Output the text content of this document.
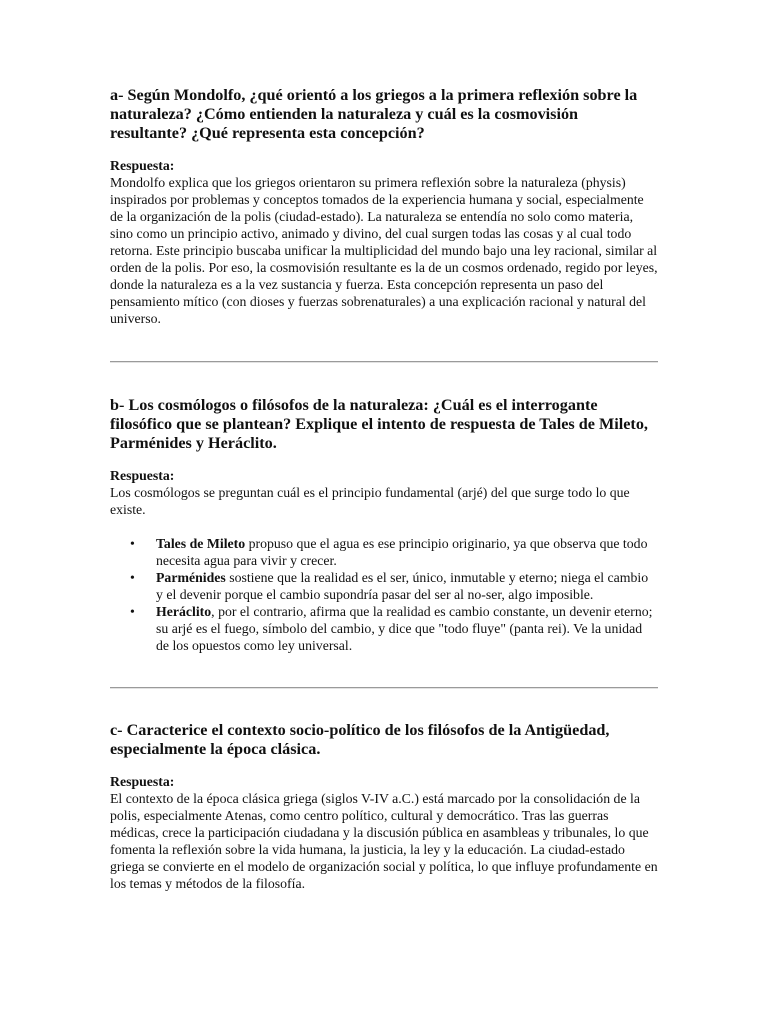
a- Según Mondolfo, ¿qué orientó a los griegos a la primera reflexión sobre la naturaleza? ¿Cómo entienden la naturaleza y cuál es la cosmovisión resultante? ¿Qué representa esta concepción?

Respuesta:

Mondolfo explica que los griegos orientaron su primera reflexión sobre la naturaleza (physis) inspirados por problemas y conceptos tomados de la experiencia humana y social, especialmente de la organización de la polis (ciudad-estado). La naturaleza se entendía no solo como materia, sino como un principio activo, animado y divino, del cual surgen todas las cosas y al cual todo retorna. Este principio buscaba unificar la multiplicidad del mundo bajo una ley racional, similar al orden de la polis. Por eso, la cosmovisión resultante es la de un cosmos ordenado, regido por leyes, donde la naturaleza es a la vez sustancia y fuerza. Esta concepción representa un paso del pensamiento mítico (con dioses y fuerzas sobrenaturales) a una explicación racional y natural del universo.

b- Los cosmólogos o filósofos de la naturaleza: ¿Cuál es el interrogante filosófico que se plantean? Explique el intento de respuesta de Tales de Mileto, Parménides y Heráclito.

Respuesta:

Los cosmólogos se preguntan cuál es el principio fundamental (arjé) del que surge todo lo que existe.

• Tales de Mileto propuso que el agua es ese principio originario, ya que observa que todo necesita agua para vivir y crecer.
• Parménides sostiene que la realidad es el ser, único, inmutable y eterno; niega el cambio y el devenir porque el cambio supondría pasar del ser al no-ser, algo imposible.
• Heráclito, por el contrario, afirma que la realidad es cambio constante, un devenir eterno; su arjé es el fuego, símbolo del cambio, y dice que "todo fluye" (panta rei). Ve la unidad de los opuestos como ley universal.

c- Caracterice el contexto socio-político de los filósofos de la Antigüedad, especialmente la época clásica.

Respuesta:

El contexto de la época clásica griega (siglos V-IV a.C.) está marcado por la consolidación de la polis, especialmente Atenas, como centro político, cultural y democrático. Tras las guerras médicas, crece la participación ciudadana y la discusión pública en asambleas y tribunales, lo que fomenta la reflexión sobre la vida humana, la justicia, la ley y la educación. La ciudad-estado griega se convierte en el modelo de organización social y política, lo que influye profundamente en los temas y métodos de la filosofía.
